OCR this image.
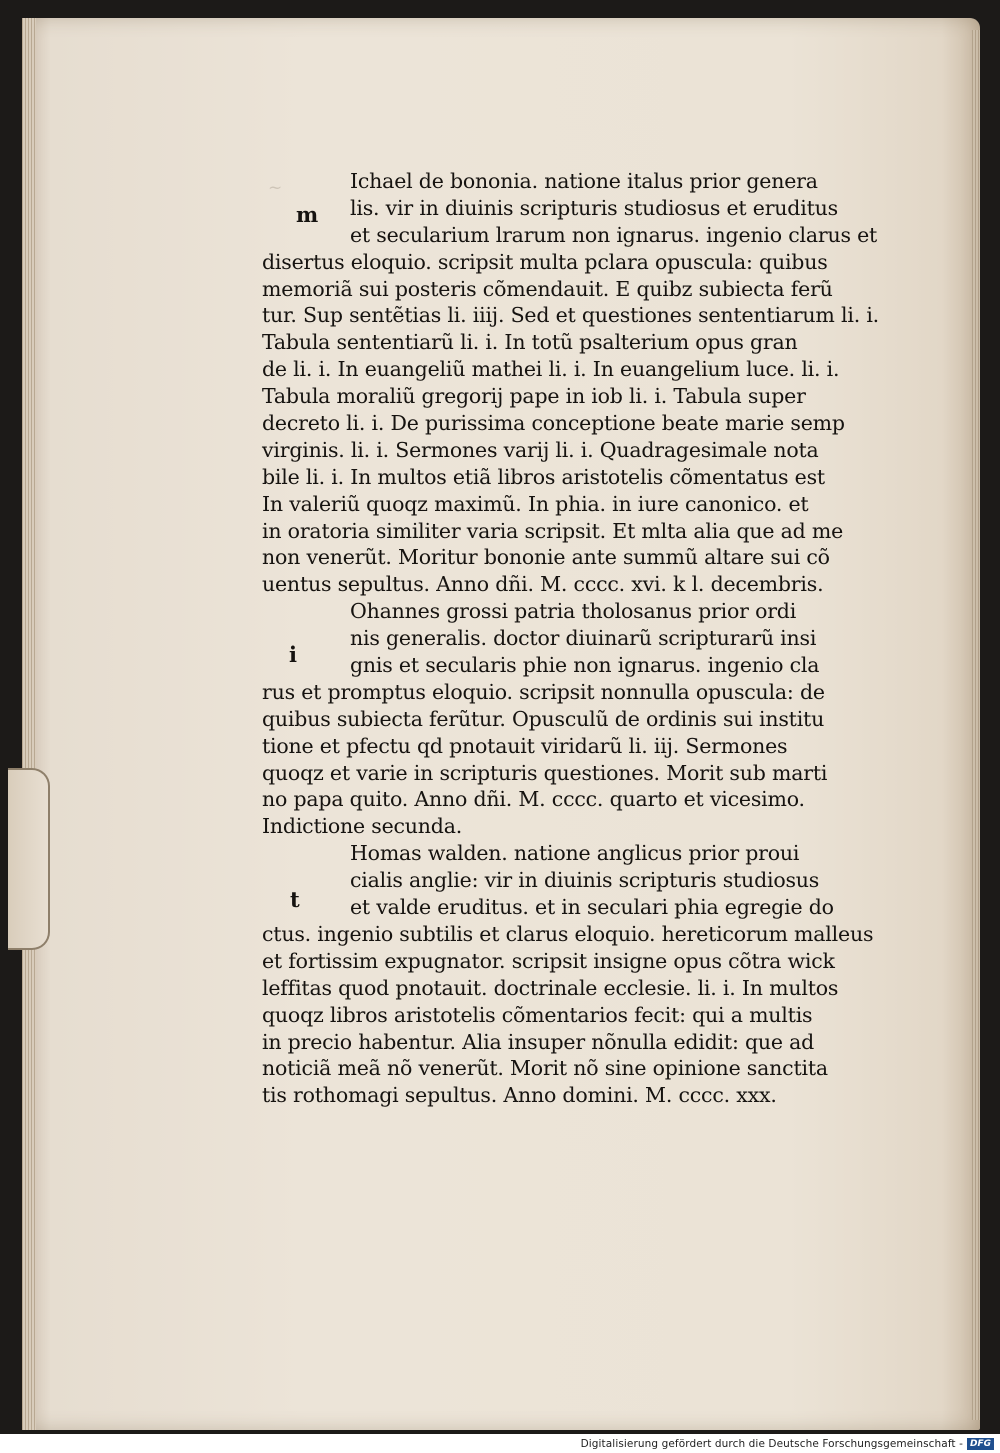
~
m
i
t
Ichael de bononia. natione italus prior genera
lis. vir in diuinis scripturis studiosus et eruditus
et secularium lrarum non ignarus. ingenio clarus et
disertus eloquio. scripsit multa pclara opuscula: quibus
memoriã sui posteris cõmendauit. E quibz subiecta ferũ
tur. Sup sentẽtias li. iiij. Sed et questiones sententiarum li. i.
Tabula sententiarũ li. i. In totũ psalterium opus gran
de li. i. In euangeliũ mathei li. i. In euangelium luce. li. i.
Tabula moraliũ gregorij pape in iob li. i. Tabula super
decreto li. i. De purissima conceptione beate marie semp
virginis. li. i. Sermones varij li. i. Quadragesimale nota
bile li. i. In multos etiã libros aristotelis cõmentatus est
In valeriũ quoqz maximũ. In phia. in iure canonico. et
in oratoria similiter varia scripsit. Et mlta alia que ad me
non venerũt. Moritur bononie ante summũ altare sui cõ
uentus sepultus. Anno dñi. M. cccc. xvi. k l. decembris.
Ohannes grossi patria tholosanus prior ordi
nis generalis. doctor diuinarũ scripturarũ insi
gnis et secularis phie non ignarus. ingenio cla
rus et promptus eloquio. scripsit nonnulla opuscula: de
quibus subiecta ferũtur. Opusculũ de ordinis sui institu
tione et pfectu qd pnotauit viridarũ li. iij. Sermones
quoqz et varie in scripturis questiones. Morit sub marti
no papa quito. Anno dñi. M. cccc. quarto et vicesimo.
Indictione secunda.
Homas walden. natione anglicus prior proui
cialis anglie: vir in diuinis scripturis studiosus
et valde eruditus. et in seculari phia egregie do
ctus. ingenio subtilis et clarus eloquio. hereticorum malleus
et fortissim expugnator. scripsit insigne opus cõtra wick
leffitas quod pnotauit. doctrinale ecclesie. li. i. In multos
quoqz libros aristotelis cõmentarios fecit: qui a multis
in precio habentur. Alia insuper nõnulla edidit: que ad
noticiã meã nõ venerũt. Morit nõ sine opinione sanctita
tis rothomagi sepultus. Anno domini. M. cccc. xxx.
Digitalisierung gefördert durch die Deutsche Forschungsgemeinschaft - DFG
